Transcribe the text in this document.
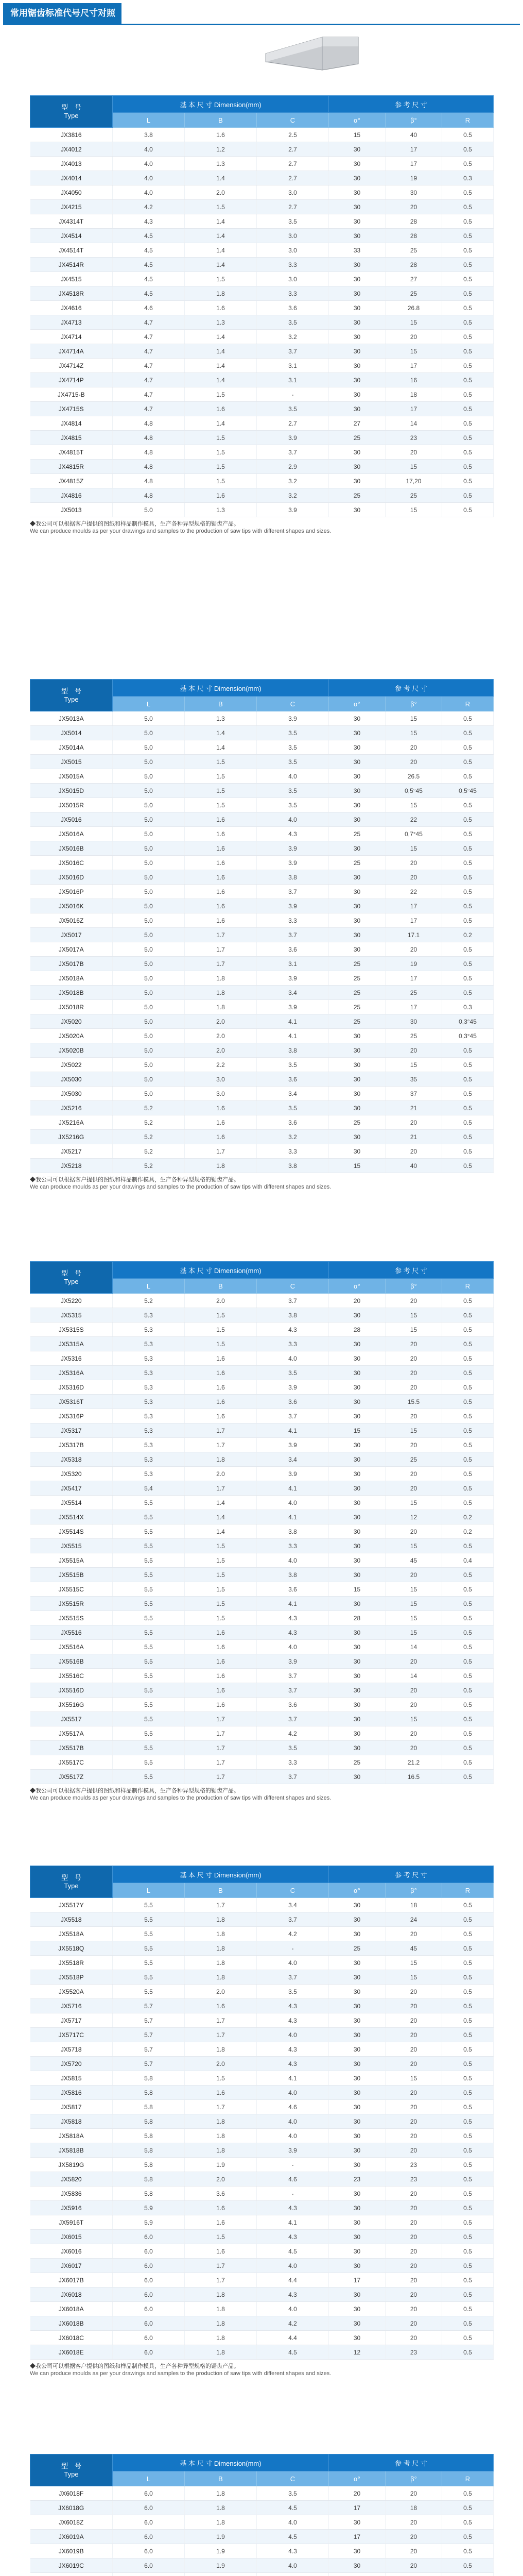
常用锯齿标准代号尺寸对照表
型　号
Type	基 本 尺 寸 Dimension(mm)			参 考 尺 寸		
	L	B	C	α°	β°	R
JX3816	3.8	1.6	2.5	15	40	0.5
JX4012	4.0	1.2	2.7	30	17	0.5
JX4013	4.0	1.3	2.7	30	17	0.5
JX4014	4.0	1.4	2.7	30	19	0.3
JX4050	4.0	2.0	3.0	30	30	0.5
JX4215	4.2	1.5	2.7	30	20	0.5
JX4314T	4.3	1.4	3.5	30	28	0.5
JX4514	4.5	1.4	3.0	30	28	0.5
JX4514T	4.5	1.4	3.0	33	25	0.5
JX4514R	4.5	1.4	3.3	30	28	0.5
JX4515	4.5	1.5	3.0	30	27	0.5
JX4518R	4.5	1.8	3.3	30	25	0.5
JX4616	4.6	1.6	3.6	30	26.8	0.5
JX4713	4.7	1.3	3.5	30	15	0.5
JX4714	4.7	1.4	3.2	30	20	0.5
JX4714A	4.7	1.4	3.7	30	15	0.5
JX4714Z	4.7	1.4	3.1	30	17	0.5
JX4714P	4.7	1.4	3.1	30	16	0.5
JX4715-B	4.7	1.5	-	30	18	0.5
JX4715S	4.7	1.6	3.5	30	17	0.5
JX4814	4.8	1.4	2.7	27	14	0.5
JX4815	4.8	1.5	3.9	25	23	0.5
JX4815T	4.8	1.5	3.7	30	20	0.5
JX4815R	4.8	1.5	2.9	30	15	0.5
JX4815Z	4.8	1.5	3.2	30	17,20	0.5
JX4816	4.8	1.6	3.2	25	25	0.5
JX5013	5.0	1.3	3.9	30	15	0.5
◆我公司可以根据客户提供的图纸和样品制作模具，生产各种异型规格的锯齿产品。
We can produce moulds as per your drawings and samples to the production of saw tips with different shapes and sizes.
型　号
Type	基 本 尺 寸 Dimension(mm)			参 考 尺 寸		
	L	B	C	α°	β°	R
JX5013A	5.0	1.3	3.9	30	15	0.5
JX5014	5.0	1.4	3.5	30	15	0.5
JX5014A	5.0	1.4	3.5	30	20	0.5
JX5015	5.0	1.5	3.5	30	20	0.5
JX5015A	5.0	1.5	4.0	30	26.5	0.5
JX5015D	5.0	1.5	3.5	30	0,5°45	0,5°45
JX5015R	5.0	1.5	3.5	30	15	0.5
JX5016	5.0	1.6	4.0	30	22	0.5
JX5016A	5.0	1.6	4.3	25	0,7°45	0.5
JX5016B	5.0	1.6	3.9	30	15	0.5
JX5016C	5.0	1.6	3.9	25	20	0.5
JX5016D	5.0	1.6	3.8	30	20	0.5
JX5016P	5.0	1.6	3.7	30	22	0.5
JX5016K	5.0	1.6	3.9	30	17	0.5
JX5016Z	5.0	1.6	3.3	30	17	0.5
JX5017	5.0	1.7	3.7	30	17.1	0.2
JX5017A	5.0	1.7	3.6	30	20	0.5
JX5017B	5.0	1.7	3.1	25	19	0.5
JX5018A	5.0	1.8	3.9	25	17	0.5
JX5018B	5.0	1.8	3.4	25	25	0.5
JX5018R	5.0	1.8	3.9	25	17	0.3
JX5020	5.0	2.0	4.1	25	30	0,3°45
JX5020A	5.0	2.0	4.1	30	25	0,3°45
JX5020B	5.0	2.0	3.8	30	20	0.5
JX5022	5.0	2.2	3.5	30	15	0.5
JX5030	5.0	3.0	3.6	30	35	0.5
JX5030	5.0	3.0	3.4	30	37	0.5
JX5216	5.2	1.6	3.5	30	21	0.5
JX5216A	5.2	1.6	3.6	25	20	0.5
JX5216G	5.2	1.6	3.2	30	21	0.5
JX5217	5.2	1.7	3.3	30	20	0.5
JX5218	5.2	1.8	3.8	15	40	0.5
◆我公司可以根据客户提供的图纸和样品制作模具，生产各种异型规格的锯齿产品。
We can produce moulds as per your drawings and samples to the production of saw tips with different shapes and sizes.
型　号
Type	基 本 尺 寸 Dimension(mm)			参 考 尺 寸		
	L	B	C	α°	β°	R
JX5220	5.2	2.0	3.7	20	20	0.5
JX5315	5.3	1.5	3.8	30	15	0.5
JX5315S	5.3	1.5	4.3	28	15	0.5
JX5315A	5.3	1.5	3.3	30	20	0.5
JX5316	5.3	1.6	4.0	30	20	0.5
JX5316A	5.3	1.6	3.5	30	20	0.5
JX5316D	5.3	1.6	3.9	30	20	0.5
JX5316T	5.3	1.6	3.6	30	15.5	0.5
JX5316P	5.3	1.6	3.7	30	20	0.5
JX5317	5.3	1.7	4.1	15	15	0.5
JX5317B	5.3	1.7	3.9	30	20	0.5
JX5318	5.3	1.8	3.4	30	25	0.5
JX5320	5.3	2.0	3.9	30	20	0.5
JX5417	5.4	1.7	4.1	30	20	0.5
JX5514	5.5	1.4	4.0	30	15	0.5
JX5514X	5.5	1.4	4.1	30	12	0.2
JX5514S	5.5	1.4	3.8	30	20	0.2
JX5515	5.5	1.5	3.3	30	15	0.5
JX5515A	5.5	1.5	4.0	30	45	0.4
JX5515B	5.5	1.5	3.8	30	20	0.5
JX5515C	5.5	1.5	3.6	15	15	0.5
JX5515R	5.5	1.5	4.1	30	15	0.5
JX5515S	5.5	1.5	4.3	28	15	0.5
JX5516	5.5	1.6	4.3	30	15	0.5
JX5516A	5.5	1.6	4.0	30	14	0.5
JX5516B	5.5	1.6	3.9	30	20	0.5
JX5516C	5.5	1.6	3.7	30	14	0.5
JX5516D	5.5	1.6	3.7	30	20	0.5
JX5516G	5.5	1.6	3.6	30	20	0.5
JX5517	5.5	1.7	3.7	30	15	0.5
JX5517A	5.5	1.7	4.2	30	20	0.5
JX5517B	5.5	1.7	3.5	30	20	0.5
JX5517C	5.5	1.7	3.3	25	21.2	0.5
JX5517Z	5.5	1.7	3.7	30	16.5	0.5
◆我公司可以根据客户提供的图纸和样品制作模具，生产各种异型规格的锯齿产品。
We can produce moulds as per your drawings and samples to the production of saw tips with different shapes and sizes.
型　号
Type	基 本 尺 寸 Dimension(mm)			参 考 尺 寸		
	L	B	C	α°	β°	R
JX5517Y	5.5	1.7	3.4	30	18	0.5
JX5518	5.5	1.8	3.7	30	24	0.5
JX5518A	5.5	1.8	4.2	30	20	0.5
JX5518Q	5.5	1.8	-	25	45	0.5
JX5518R	5.5	1.8	4.0	30	15	0.5
JX5518P	5.5	1.8	3.7	30	15	0.5
JX5520A	5.5	2.0	3.5	30	20	0.5
JX5716	5.7	1.6	4.3	30	20	0.5
JX5717	5.7	1.7	4.3	30	20	0.5
JX5717C	5.7	1.7	4.0	30	20	0.5
JX5718	5.7	1.8	4.3	30	20	0.5
JX5720	5.7	2.0	4.3	30	20	0.5
JX5815	5.8	1.5	4.1	30	15	0.5
JX5816	5.8	1.6	4.0	30	20	0.5
JX5817	5.8	1.7	4.6	30	20	0.5
JX5818	5.8	1.8	4.0	30	20	0.5
JX5818A	5.8	1.8	4.0	30	20	0.5
JX5818B	5.8	1.8	3.9	30	20	0.5
JX5819G	5.8	1.9	-	30	23	0.5
JX5820	5.8	2.0	4.6	23	23	0.5
JX5836	5.8	3.6	-	30	20	0.5
JX5916	5.9	1.6	4.3	30	20	0.5
JX5916T	5.9	1.6	4.1	30	20	0.5
JX6015	6.0	1.5	4.3	30	20	0.5
JX6016	6.0	1.6	4.5	30	20	0.5
JX6017	6.0	1.7	4.0	30	20	0.5
JX6017B	6.0	1.7	4.4	17	20	0.5
JX6018	6.0	1.8	4.3	30	20	0.5
JX6018A	6.0	1.8	4.0	30	20	0.5
JX6018B	6.0	1.8	4.2	30	20	0.5
JX6018C	6.0	1.8	4.4	30	20	0.5
JX6018E	6.0	1.8	4.5	12	23	0.5
◆我公司可以根据客户提供的图纸和样品制作模具，生产各种异型规格的锯齿产品。
We can produce moulds as per your drawings and samples to the production of saw tips with different shapes and sizes.
型　号
Type	基 本 尺 寸 Dimension(mm)			参 考 尺 寸		
	L	B	C	α°	β°	R
JX6018F	6.0	1.8	3.5	20	20	0.5
JX6018G	6.0	1.8	4.5	17	18	0.5
JX6018Z	6.0	1.8	4.0	30	20	0.5
JX6019A	6.0	1.9	4.5	17	20	0.5
JX6019B	6.0	1.9	4.3	30	20	0.5
JX6019C	6.0	1.9	4.0	30	20	0.5
